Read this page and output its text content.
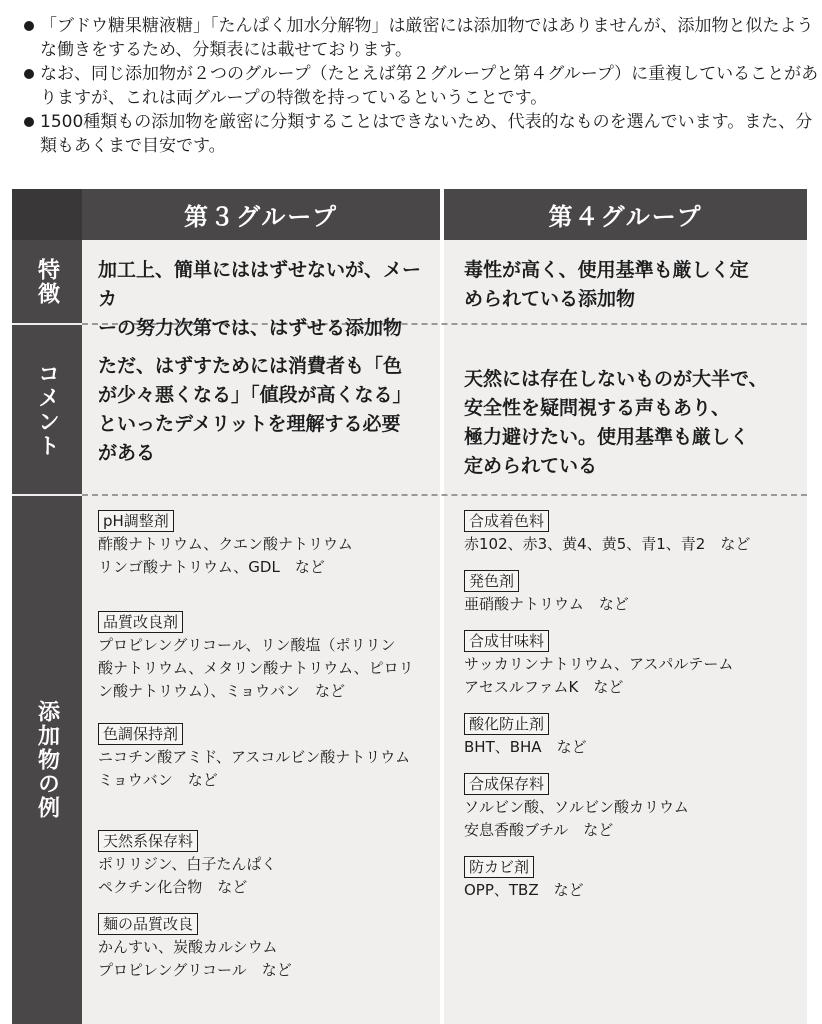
「ブドウ糖果糖液糖」「たんぱく加水分解物」は厳密には添加物ではありませんが、添加物と似たような働きをするため、分類表には載せております。
なお、同じ添加物が２つのグループ（たとえば第２グループと第４グループ）に重複していることがありますが、これは両グループの特徴を持っているということです。
1500種類もの添加物を厳密に分類することはできないため、代表的なものを選んでいます。また、分類もあくまで目安です。
第３グループ	第４グループ
特徴
コメント
添加物の例
加工上、簡単にははずせないが、メーカ
ーの努力次第では、はずせる添加物
毒性が高く、使用基準も厳しく定
められている添加物
ただ、はずすためには消費者も「色
が少々悪くなる」「値段が高くなる」
といったデメリットを理解する必要
がある
天然には存在しないものが大半で、
安全性を疑問視する声もあり、
極力避けたい。使用基準も厳しく
定められている
pH調整剤
酢酸ナトリウム、クエン酸ナトリウム
リンゴ酸ナトリウム、GDL　など
品質改良剤
プロピレングリコール、リン酸塩（ポリリン
酸ナトリウム、メタリン酸ナトリウム、ピロリ
ン酸ナトリウム）、ミョウバン　など
色調保持剤
ニコチン酸アミド、アスコルビン酸ナトリウム
ミョウバン　など
天然系保存料
ポリリジン、白子たんぱく
ペクチン化合物　など
麺の品質改良
かんすい、炭酸カルシウム
プロピレングリコール　など
合成着色料
赤102、赤3、黄4、黄5、青1、青2　など
発色剤
亜硝酸ナトリウム　など
合成甘味料
サッカリンナトリウム、アスパルテーム
アセスルファムK　など
酸化防止剤
BHT、BHA　など
合成保存料
ソルビン酸、ソルビン酸カリウム
安息香酸ブチル　など
防カビ剤
OPP、TBZ　など
